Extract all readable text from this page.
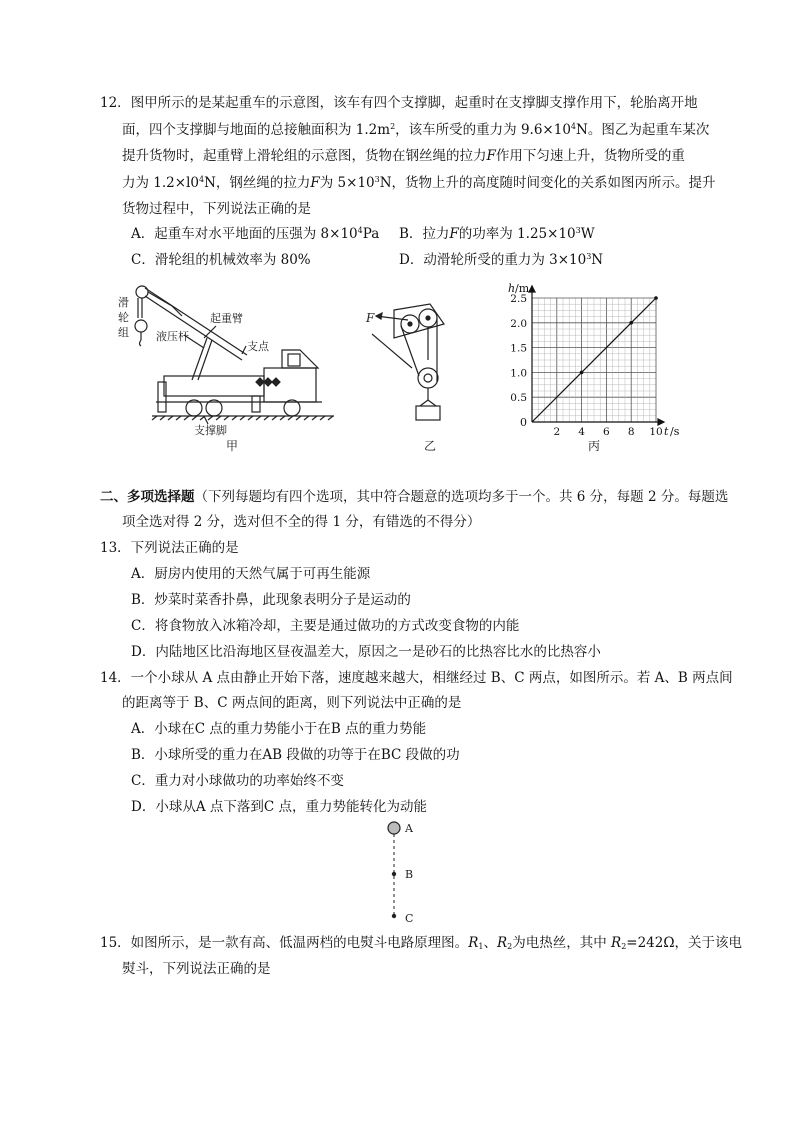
12．图甲所示的是某起重车的示意图，该车有四个支撑脚，起重时在支撑脚支撑作用下，轮胎离开地
面，四个支撑脚与地面的总接触面积为 $1.2m^2$，该车所受的重力为 $9.6\times 10^4N$。图乙为起重车某次
提升货物时，起重臂上滑轮组的示意图，货物在钢丝绳的拉力F作用下匀速上升，货物所受的重
力为 $1.2\times l0^4N$，钢丝绳的拉力F为 $5\times 10^3N$，货物上升的高度随时间变化的关系如图丙所示。提升
货物过程中，下列说法正确的是
A．起重车对水平地面的压强为 $8\times 10^4Pa$ B．拉力F的功率为 $1.25\times 10^3W$
C．滑轮组的机械效率为 80%	D．动滑轮所受的重力为 $3\times 10^3N$
滑
轮
组 液压杆
起重臂
支点
支撑脚
甲
F
乙
2 4 6 8 10
0.5
1.0
1.5
2.0
2.5
h /m
t /s
0
丙
二、多项选择题（下列每题均有四个选项，其中符合题意的选项均多于一个。共 6 分，每题 2 分。每题选
项全选对得 2 分，选对但不全的得 1 分，有错选的不得分）
13．下列说法正确的是
A．厨房内使用的天然气属于可再生能源
B．炒菜时菜香扑鼻，此现象表明分子是运动的
C．将食物放入冰箱冷却，主要是通过做功的方式改变食物的内能
D．内陆地区比沿海地区昼夜温差大，原因之一是砂石的比热容比水的比热容小
14．一个小球从 A 点由静止开始下落，速度越来越大，相继经过 B、C 两点，如图所示。若 A、B 两点间
的距离等于 B、C 两点间的距离，则下列说法中正确的是
A．小球在C 点的重力势能小于在B 点的重力势能
B．小球所受的重力在AB 段做的功等于在BC 段做的功
C．重力对小球做功的功率始终不变
D．小球从A 点下落到C 点，重力势能转化为动能
A
B
C
15．如图所示，是一款有高、低温两档的电熨斗电路原理图。$R_1$、$R_2$为电热丝，其中 $R_2=242\Omega$，关于该电
熨斗，下列说法正确的是
